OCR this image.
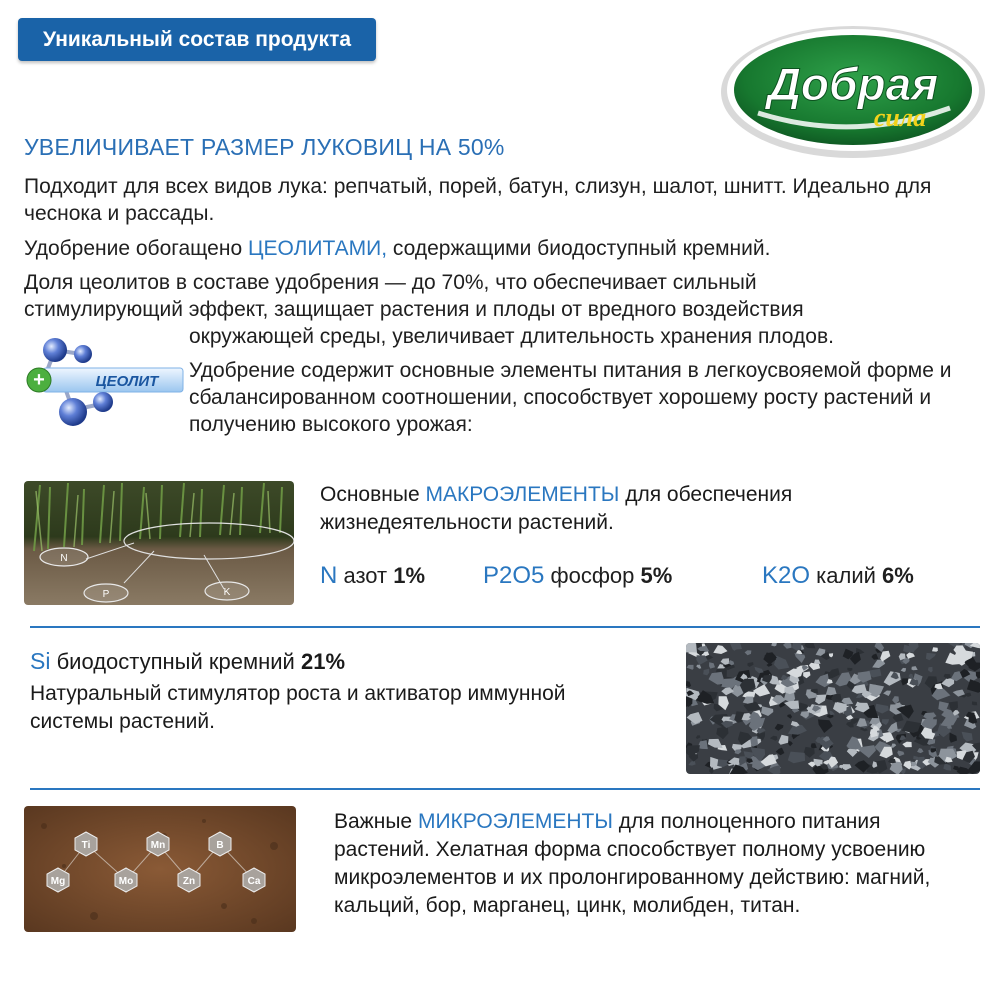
Уникальный состав продукта
Добрая
сила
УВЕЛИЧИВАЕТ РАЗМЕР ЛУКОВИЦ НА 50%
Подходит для всех видов лука: репчатый, порей, батун, слизун, шалот, шнитт. Идеально для чеснока и рассады.
Удобрение обогащено ЦЕОЛИТАМИ, содержащими биодоступный кремний.
Доля цеолитов в составе удобрения — до 70%, что обеспечивает сильный
стимулирующий эффект, защищает растения и плоды от вредного воздействия
окружающей среды, увеличивает длительность хранения плодов.
+	ЦЕОЛИТ Удобрение содержит основные элементы питания в легкоусвояемой форме и сбалансированном соотношении, способствует хорошему росту растений и получению высокого урожая:
N
P	K
Основные МАКРОЭЛЕМЕНТЫ для обеспечения жизнедеятельности растений.
N азот 1% P2O5 фосфор 5%	K2O калий 6%
Si биодоступный кремний 21%
Натуральный стимулятор роста и активатор иммунной системы растений.
Ti	Mn	B
Mg	Mo	Zn	Ca
Важные МИКРОЭЛЕМЕНТЫ для полноценного питания растений. Хелатная форма способствует полному усвоению микроэлементов и их пролонгированному действию: магний, кальций, бор, марганец, цинк, молибден, титан.
